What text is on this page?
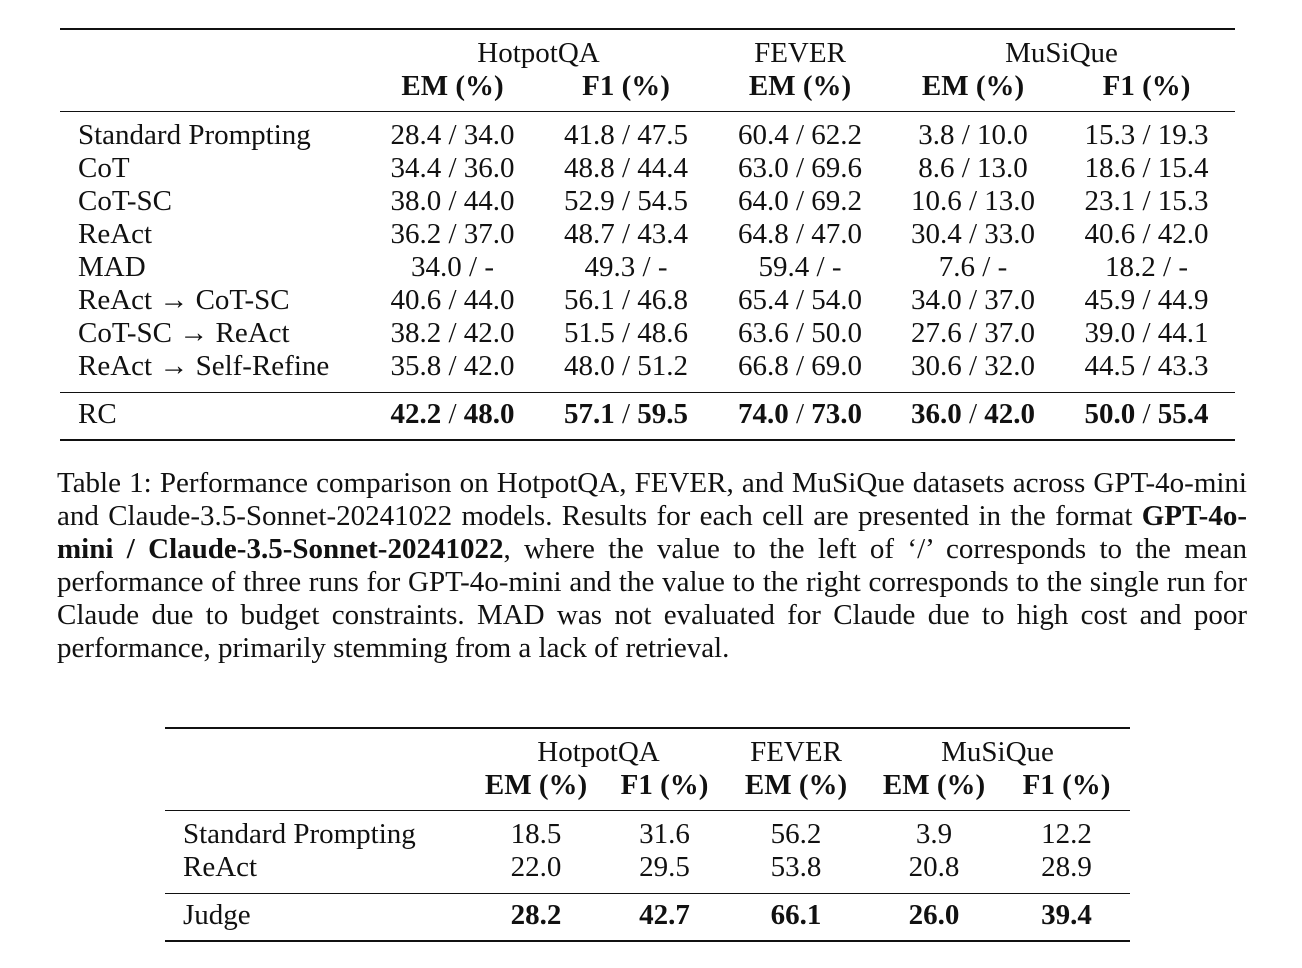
	HotpotQA		FEVER	MuSiQue	
	EM (%)	F1 (%)	EM (%)	EM (%)	F1 (%)
Standard Prompting	28.4 / 34.0	41.8 / 47.5	60.4 / 62.2	3.8 / 10.0	15.3 / 19.3
CoT	34.4 / 36.0	48.8 / 44.4	63.0 / 69.6	8.6 / 13.0	18.6 / 15.4
CoT-SC	38.0 / 44.0	52.9 / 54.5	64.0 / 69.2	10.6 / 13.0	23.1 / 15.3
ReAct	36.2 / 37.0	48.7 / 43.4	64.8 / 47.0	30.4 / 33.0	40.6 / 42.0
MAD	34.0 / -	49.3 / -	59.4 / -	7.6 / -	18.2 / -
ReAct → CoT-SC	40.6 / 44.0	56.1 / 46.8	65.4 / 54.0	34.0 / 37.0	45.9 / 44.9
CoT-SC → ReAct	38.2 / 42.0	51.5 / 48.6	63.6 / 50.0	27.6 / 37.0	39.0 / 44.1
ReAct → Self-Refine	35.8 / 42.0	48.0 / 51.2	66.8 / 69.0	30.6 / 32.0	44.5 / 43.3
RC	42.2 / 48.0	57.1 / 59.5	74.0 / 73.0	36.0 / 42.0	50.0 / 55.4

Table 1: Performance comparison on HotpotQA, FEVER, and MuSiQue datasets across GPT-4o-mini and Claude-3.5-Sonnet-20241022 models. Results for each cell are presented in the format GPT-4o-mini / Claude-3.5-Sonnet-20241022, where the value to the left of ‘/’ corresponds to the mean performance of three runs for GPT-4o-mini and the value to the right corresponds to the single run for Claude due to budget constraints. MAD was not evaluated for Claude due to high cost and poor performance, primarily stemming from a lack of retrieval.

	HotpotQA		FEVER	MuSiQue	
	EM (%)	F1 (%)	EM (%)	EM (%)	F1 (%)
Standard Prompting	18.5	31.6	56.2	3.9	12.2
ReAct	22.0	29.5	53.8	20.8	28.9
Judge	28.2	42.7	66.1	26.0	39.4
